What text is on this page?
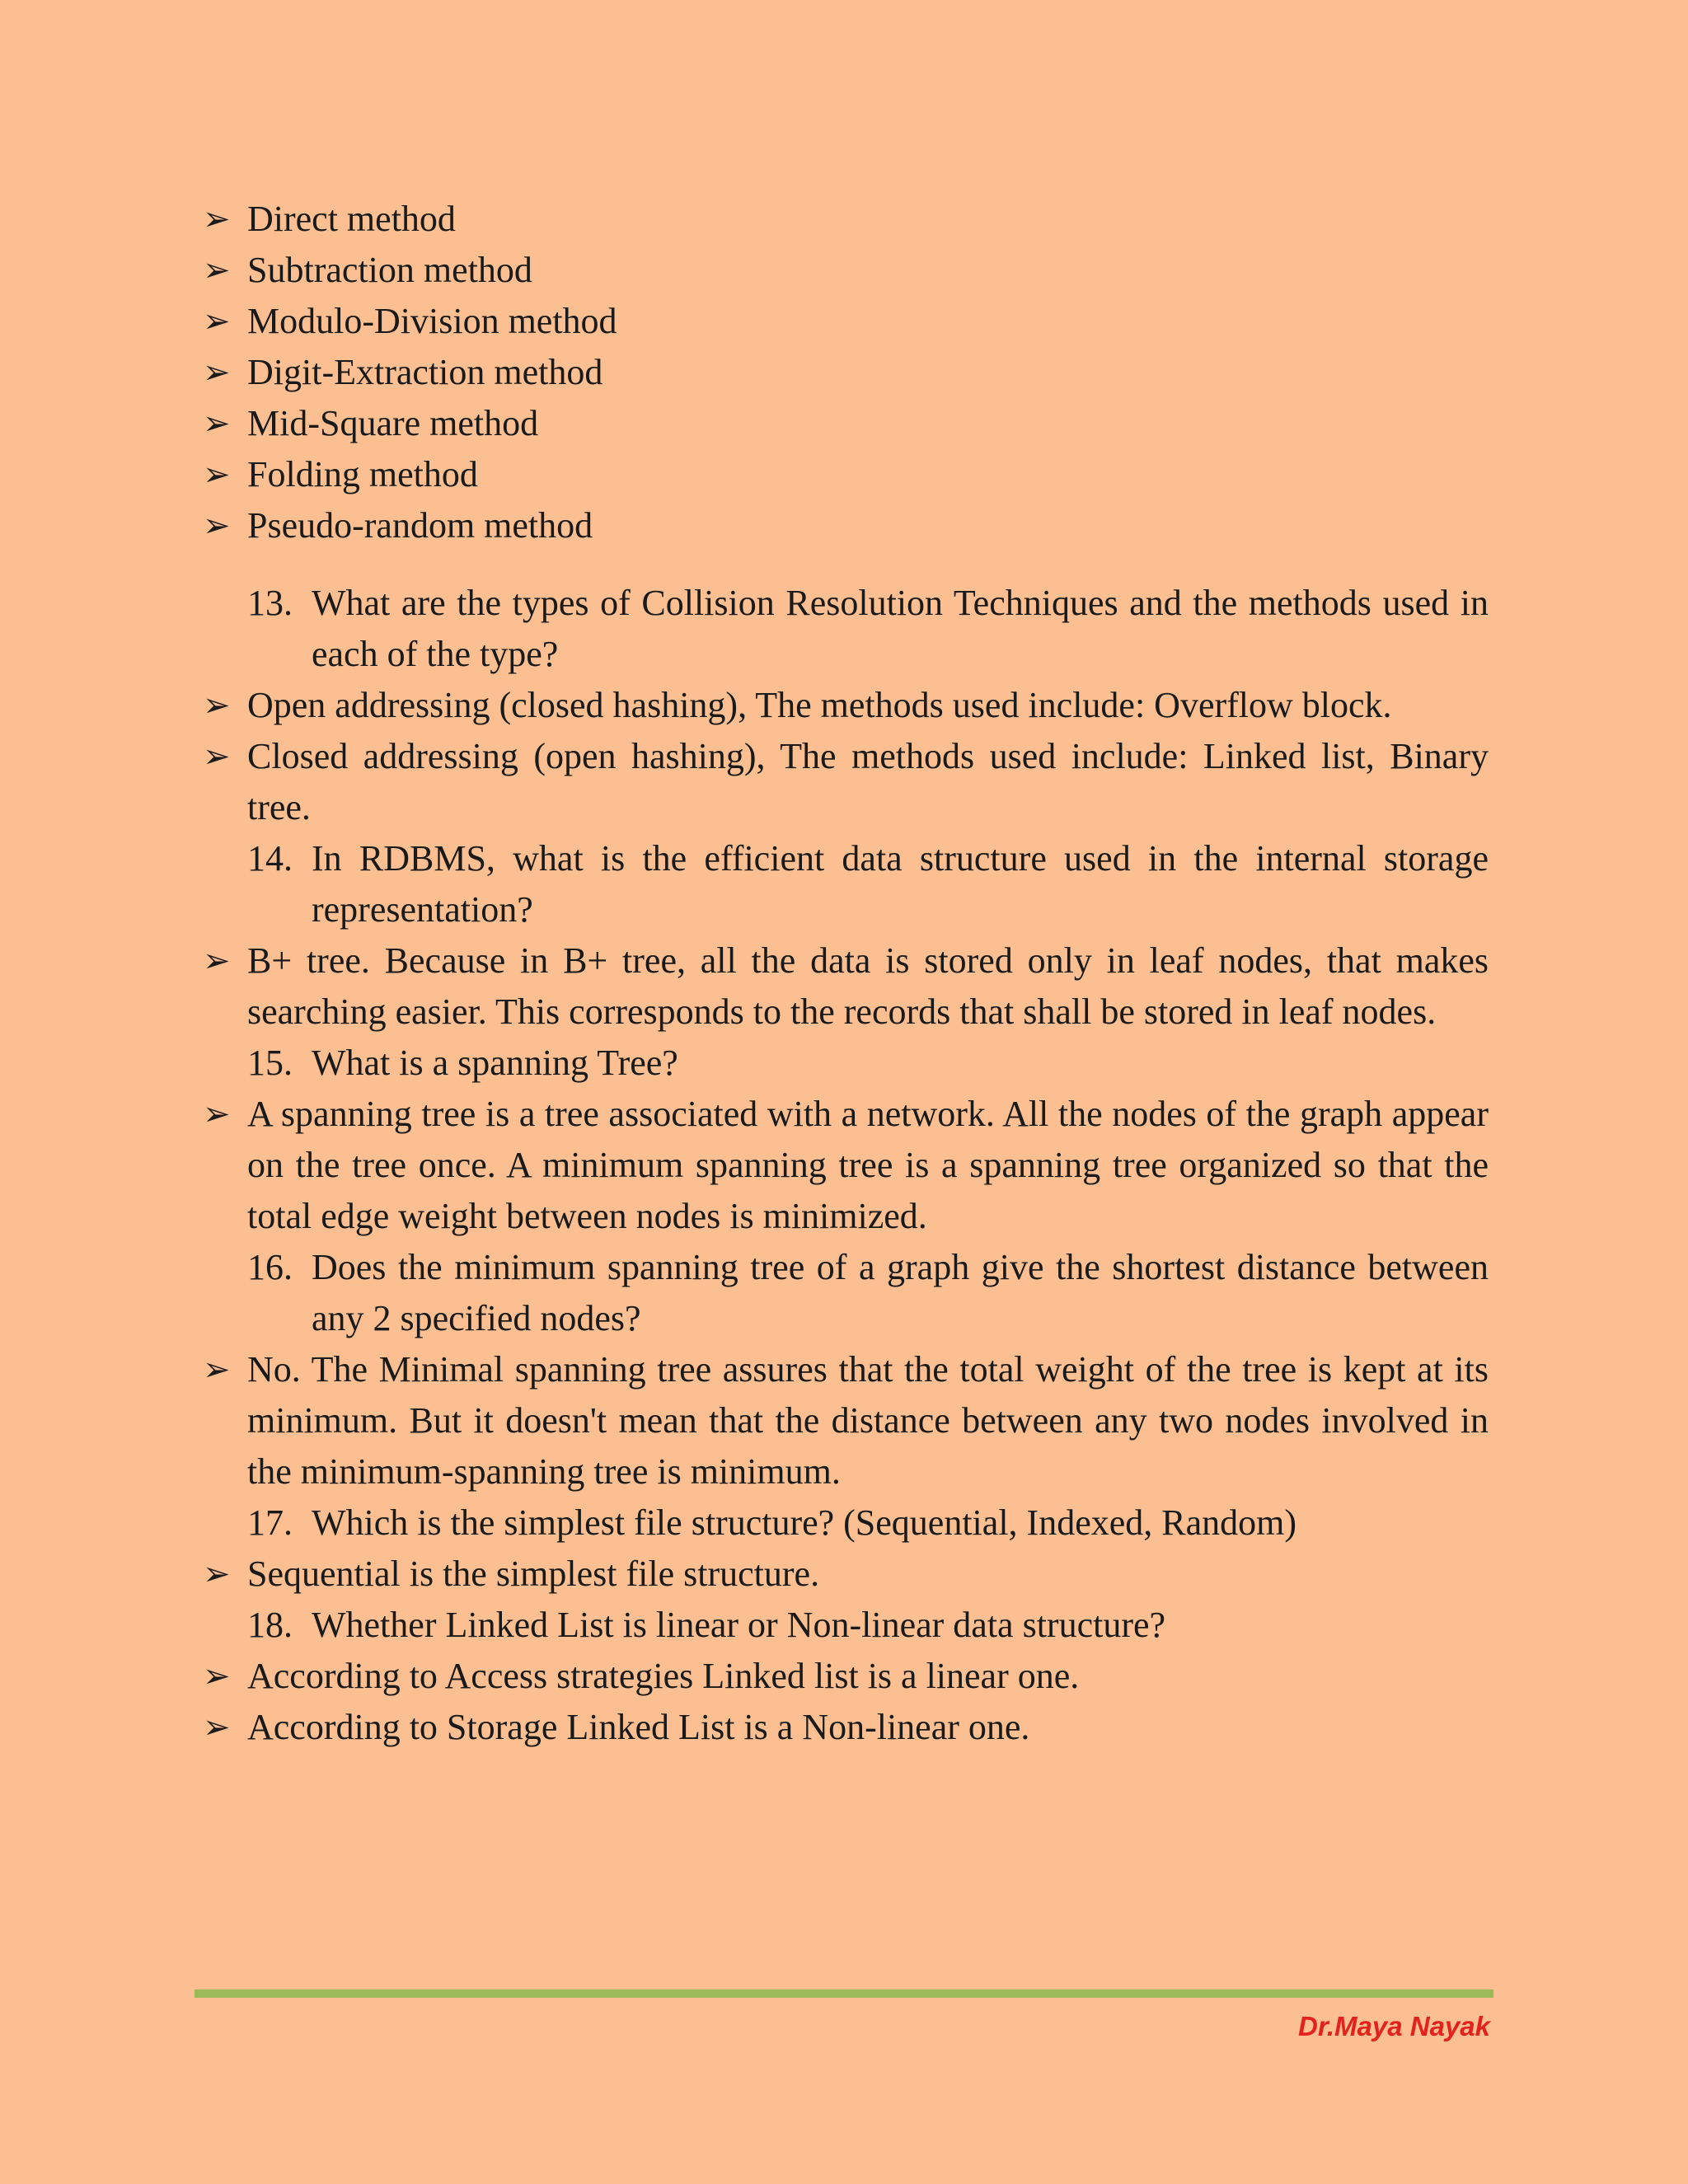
➢ Direct method
➢ Subtraction method
➢ Modulo-Division method
➢ Digit-Extraction method
➢ Mid-Square method
➢ Folding method
➢ Pseudo-random method
13. What are the types of Collision Resolution Techniques and the methods used in each of the type?
➢ Open addressing (closed hashing), The methods used include: Overflow block.
➢ Closed addressing (open hashing), The methods used include: Linked list, Binary tree.
14. In RDBMS, what is the efficient data structure used in the internal storage representation?
➢ B+ tree. Because in B+ tree, all the data is stored only in leaf nodes, that makes searching easier. This corresponds to the records that shall be stored in leaf nodes.
15. What is a spanning Tree?
➢ A spanning tree is a tree associated with a network. All the nodes of the graph appear on the tree once. A minimum spanning tree is a spanning tree organized so that the total edge weight between nodes is minimized.
16. Does the minimum spanning tree of a graph give the shortest distance between any 2 specified nodes?
➢ No. The Minimal spanning tree assures that the total weight of the tree is kept at its minimum. But it doesn't mean that the distance between any two nodes involved in the minimum-spanning tree is minimum.
17. Which is the simplest file structure? (Sequential, Indexed, Random)
➢ Sequential is the simplest file structure.
18. Whether Linked List is linear or Non-linear data structure?
➢ According to Access strategies Linked list is a linear one.
➢ According to Storage Linked List is a Non-linear one.
Dr.Maya Nayak
